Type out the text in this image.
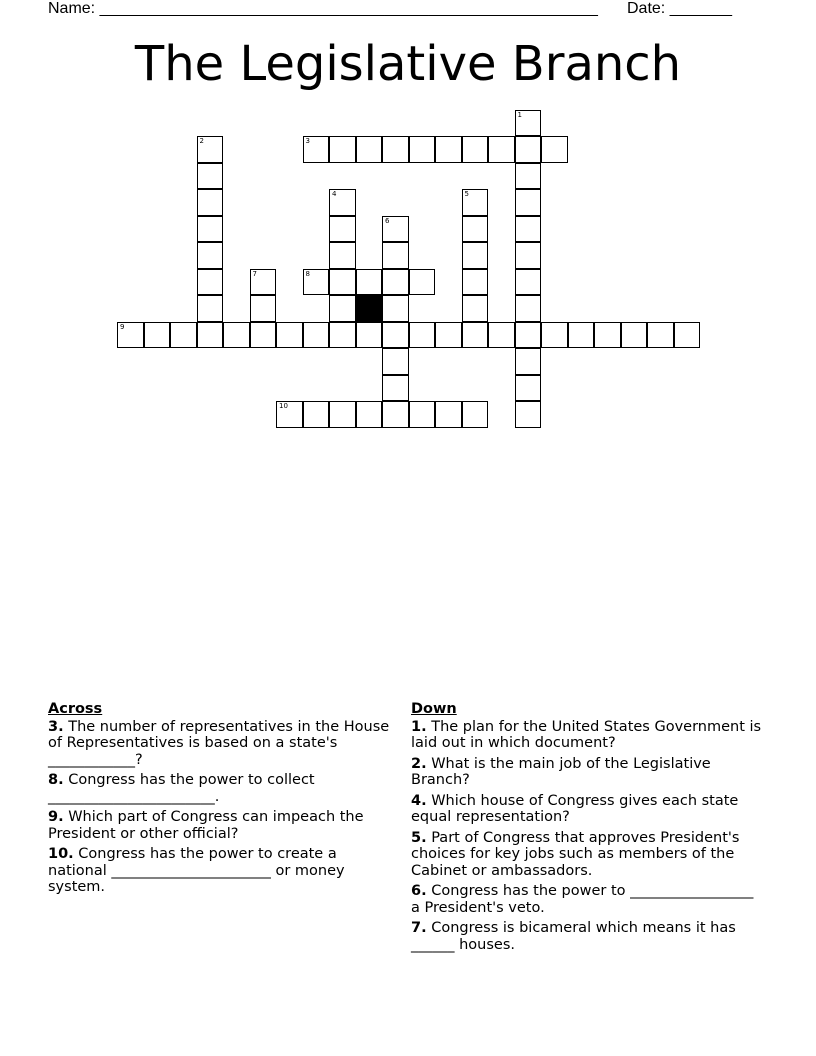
Name: ________________________________________________________ Date: _______
The Legislative Branch
1
2	3
4	5
6
7	8
9
10
Across
3. The number of representatives in the House of Representatives is based on a state's ____________?
8. Congress has the power to collect _______________________.
9. Which part of Congress can impeach the President or other official?
10. Congress has the power to create a national ______________________ or money system.
Down
1. The plan for the United States Government is laid out in which document?
2. What is the main job of the Legislative Branch?
4. Which house of Congress gives each state equal representation?
5. Part of Congress that approves President's choices for key jobs such as members of the Cabinet or ambassadors.
6. Congress has the power to _________________ a President's veto.
7. Congress is bicameral which means it has ______ houses.
